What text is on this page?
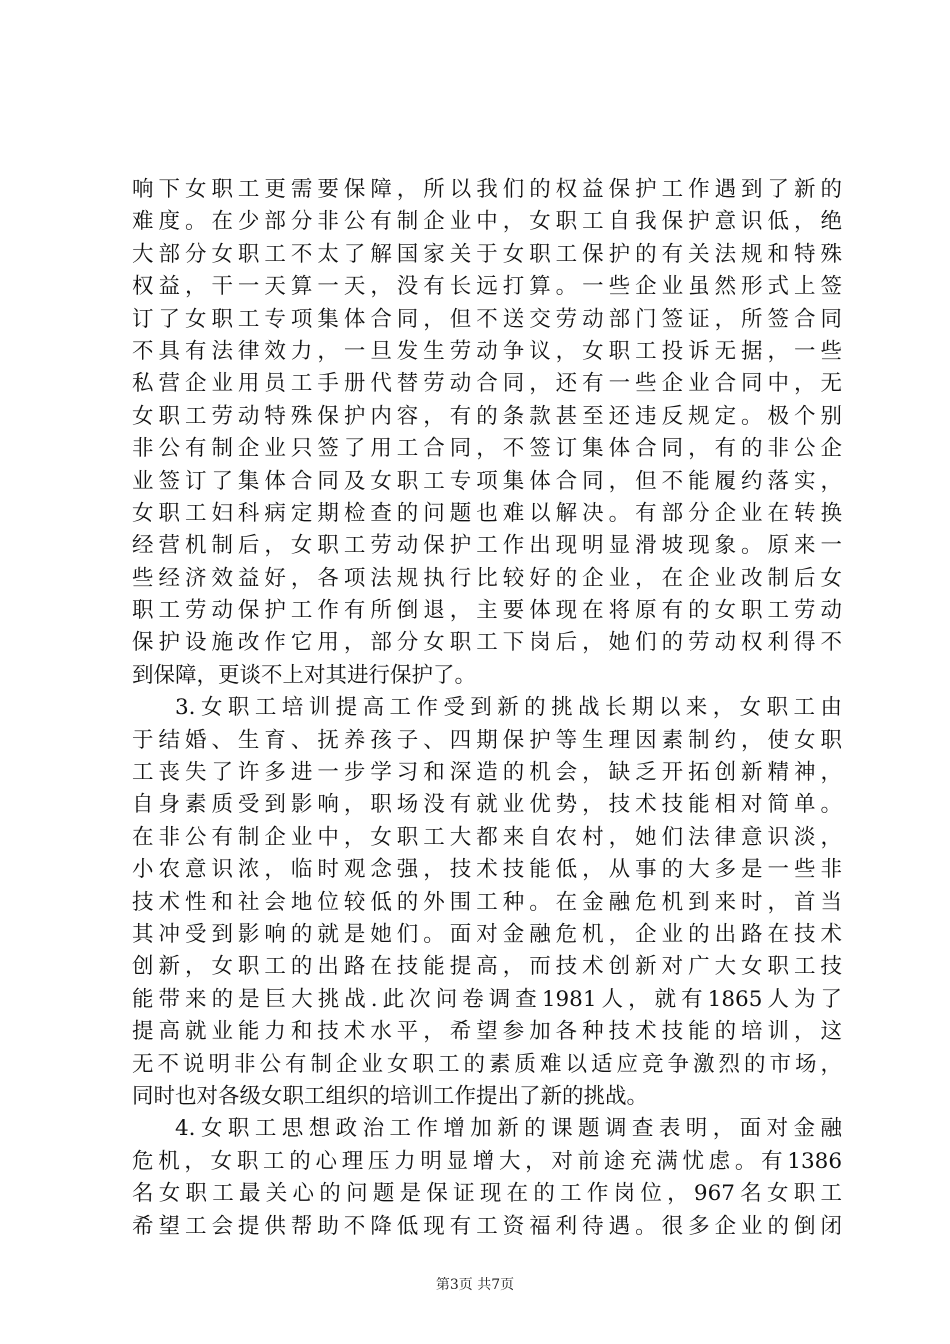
响下女职工更需要保障，所以我们的权益保护工作遇到了新的
难度。在少部分非公有制企业中，女职工自我保护意识低，绝
大部分女职工不太了解国家关于女职工保护的有关法规和特殊
权益，干一天算一天，没有长远打算。一些企业虽然形式上签
订了女职工专项集体合同，但不送交劳动部门签证，所签合同
不具有法律效力，一旦发生劳动争议，女职工投诉无据，一些
私营企业用员工手册代替劳动合同，还有一些企业合同中，无
女职工劳动特殊保护内容，有的条款甚至还违反规定。极个别
非公有制企业只签了用工合同，不签订集体合同，有的非公企
业签订了集体合同及女职工专项集体合同，但不能履约落实，
女职工妇科病定期检查的问题也难以解决。有部分企业在转换
经营机制后，女职工劳动保护工作出现明显滑坡现象。原来一
些经济效益好，各项法规执行比较好的企业，在企业改制后女
职工劳动保护工作有所倒退，主要体现在将原有的女职工劳动
保护设施改作它用，部分女职工下岗后，她们的劳动权利得不
到保障，更谈不上对其进行保护了。
3.女职工培训提高工作受到新的挑战长期以来，女职工由
于结婚、生育、抚养孩子、四期保护等生理因素制约，使女职
工丧失了许多进一步学习和深造的机会，缺乏开拓创新精神，
自身素质受到影响，职场没有就业优势，技术技能相对简单。
在非公有制企业中，女职工大都来自农村，她们法律意识淡，
小农意识浓，临时观念强，技术技能低，从事的大多是一些非
技术性和社会地位较低的外围工种。在金融危机到来时，首当
其冲受到影响的就是她们。面对金融危机，企业的出路在技术
创新，女职工的出路在技能提高，而技术创新对广大女职工技
能带来的是巨大挑战.此次问卷调查1981人，就有1865人为了
提高就业能力和技术水平，希望参加各种技术技能的培训，这
无不说明非公有制企业女职工的素质难以适应竞争激烈的市场，
同时也对各级女职工组织的培训工作提出了新的挑战。
4.女职工思想政治工作增加新的课题调查表明，面对金融
危机，女职工的心理压力明显增大，对前途充满忧虑。有1386
名女职工最关心的问题是保证现在的工作岗位，967名女职工
希望工会提供帮助不降低现有工资福利待遇。很多企业的倒闭
第3页 共7页
